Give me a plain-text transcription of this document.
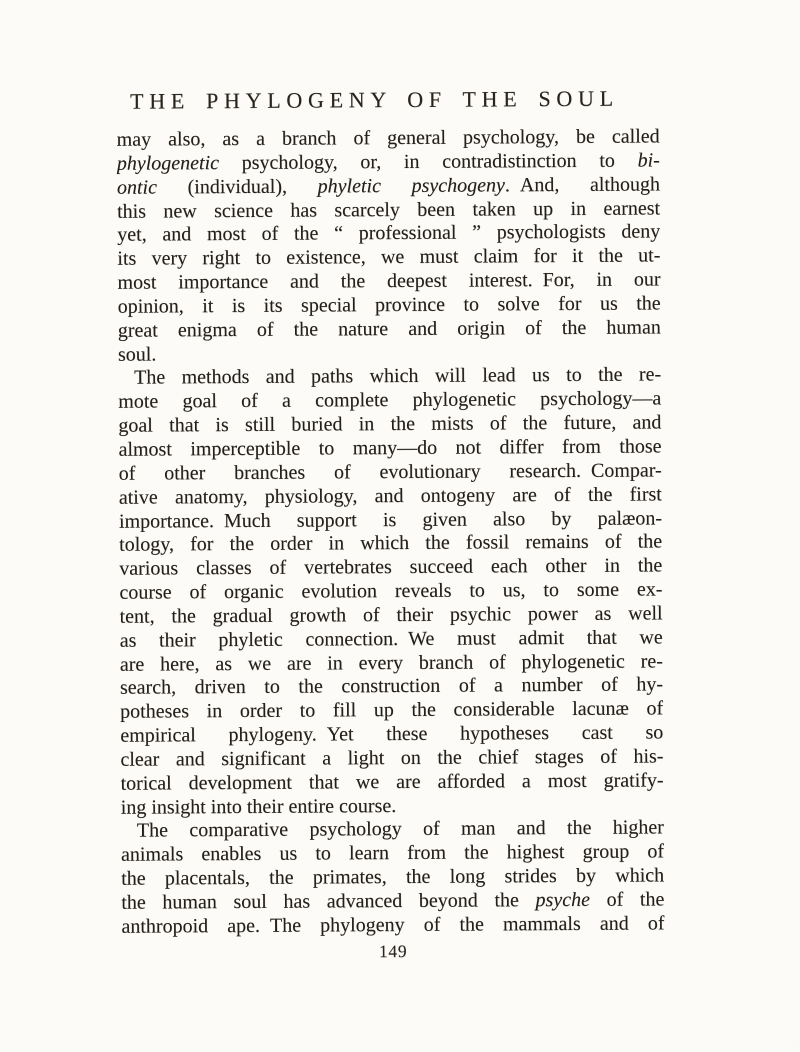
THE PHYLOGENY OF THE SOUL
may also, as a branch of general psychology, be called
phylogenetic psychology, or, in contradistinction to bi-
ontic (individual), phyletic psychogeny. And, although
this new science has scarcely been taken up in earnest
yet, and most of the “ professional ” psychologists deny
its very right to existence, we must claim for it the ut-
most importance and the deepest interest. For, in our
opinion, it is its special province to solve for us the
great enigma of the nature and origin of the human
soul.
The methods and paths which will lead us to the re-
mote goal of a complete phylogenetic psychology—a
goal that is still buried in the mists of the future, and
almost imperceptible to many—do not differ from those
of other branches of evolutionary research. Compar-
ative anatomy, physiology, and ontogeny are of the first
importance. Much support is given also by palæon-
tology, for the order in which the fossil remains of the
various classes of vertebrates succeed each other in the
course of organic evolution reveals to us, to some ex-
tent, the gradual growth of their psychic power as well
as their phyletic connection. We must admit that we
are here, as we are in every branch of phylogenetic re-
search, driven to the construction of a number of hy-
potheses in order to fill up the considerable lacunæ of
empirical phylogeny. Yet these hypotheses cast so
clear and significant a light on the chief stages of his-
torical development that we are afforded a most gratify-
ing insight into their entire course.
The comparative psychology of man and the higher
animals enables us to learn from the highest group of
the placentals, the primates, the long strides by which
the human soul has advanced beyond the psyche of the
anthropoid ape. The phylogeny of the mammals and of
149
